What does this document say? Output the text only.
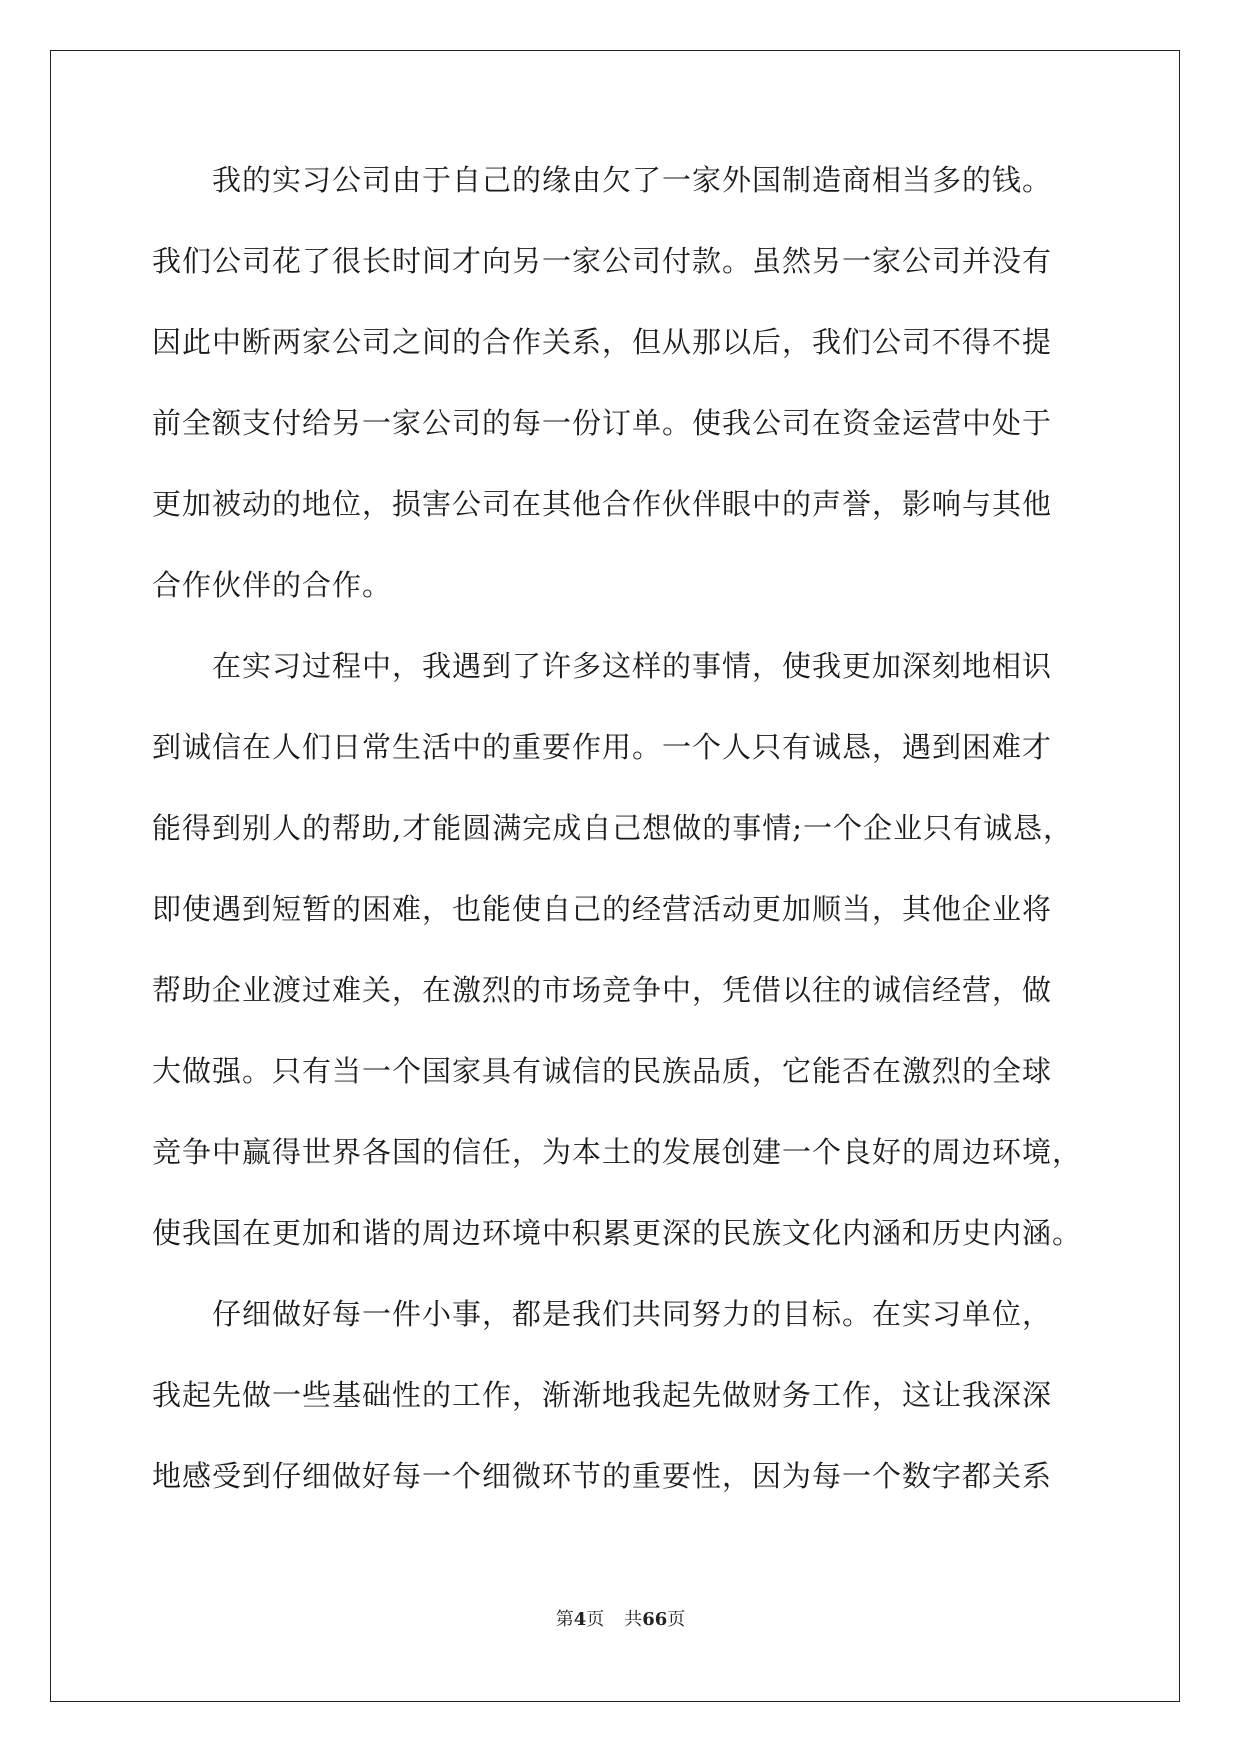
我的实习公司由于自己的缘由欠了一家外国制造商相当多的钱。
我们公司花了很长时间才向另一家公司付款。虽然另一家公司并没有
因此中断两家公司之间的合作关系，但从那以后，我们公司不得不提
前全额支付给另一家公司的每一份订单。使我公司在资金运营中处于
更加被动的地位，损害公司在其他合作伙伴眼中的声誉，影响与其他
合作伙伴的合作。
在实习过程中，我遇到了许多这样的事情，使我更加深刻地相识
到诚信在人们日常生活中的重要作用。一个人只有诚恳，遇到困难才
能得到别人的帮助,才能圆满完成自己想做的事情;一个企业只有诚恳，
即使遇到短暂的困难，也能使自己的经营活动更加顺当，其他企业将
帮助企业渡过难关，在激烈的市场竞争中，凭借以往的诚信经营，做
大做强。只有当一个国家具有诚信的民族品质，它能否在激烈的全球
竞争中赢得世界各国的信任，为本土的发展创建一个良好的周边环境，
使我国在更加和谐的周边环境中积累更深的民族文化内涵和历史内涵。
仔细做好每一件小事，都是我们共同努力的目标。在实习单位，
我起先做一些基础性的工作，渐渐地我起先做财务工作，这让我深深
地感受到仔细做好每一个细微环节的重要性，因为每一个数字都关系
第4页 共66页
